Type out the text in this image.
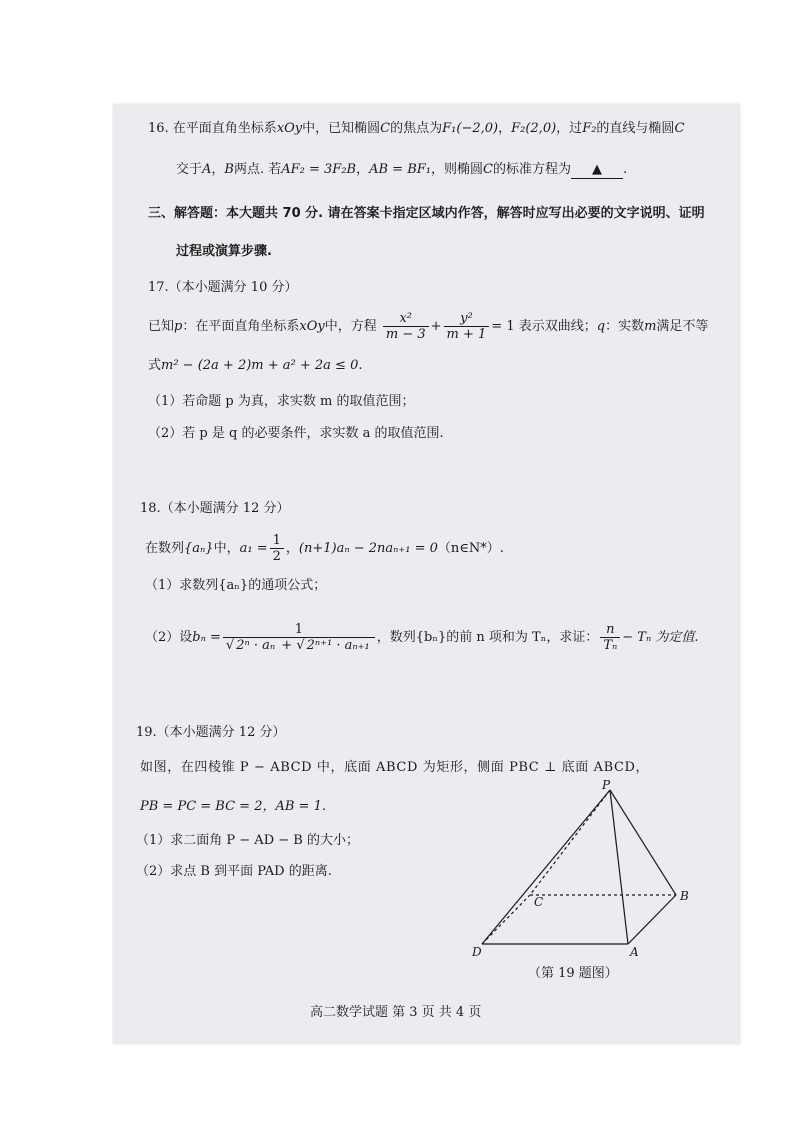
16. 在平面直角坐标系xOy中，已知椭圆C的焦点为F₁(−2,0)，F₂(2,0)，过F₂的直线与椭圆C
交于A，B两点. 若AF₂ = 3F₂B，AB = BF₁，则椭圆C的标准方程为 ▲ .
三、解答题：本大题共 70 分. 请在答案卡指定区域内作答，解答时应写出必要的文字说明、证明
过程或演算步骤.
17.（本小题满分 10 分）
已知p：在平面直角坐标系xOy中，方程 $\frac{\text{x²}}{m - 3} + \frac{\text{y²}}{m + 1} = 1$ 表示双曲线；q：实数m满足不等
式m² − (2a + 2)m + a² + 2a ≤ 0.
（1）若命题 p 为真，求实数 m 的取值范围；
（2）若 p 是 q 的必要条件，求实数 a 的取值范围.
18.（本小题满分 12 分）
在数列{aₙ}中，$a_1 = \frac{1}{2}$ ，(n+1)aₙ − 2naₙ₊₁ = 0（n∈N*）.
（1）求数列{aₙ}的通项公式；
（2）设$b_n = \frac{1}{\text{√ 2ⁿ · aₙ + √ 2ⁿ⁺¹ · aₙ₊₁}}$ ，数列{bₙ}的前 n 项和为 Tₙ，求证： $\frac{n}{\text{Tₙ}} - T_n$ 为定值.
19.（本小题满分 12 分）
如图，在四棱锥 P − ABCD 中，底面 ABCD 为矩形，侧面 PBC ⊥ 底面 ABCD，
PB = PC = BC = 2，AB = 1.
（1）求二面角 P − AD − B 的大小；
（2）求点 B 到平面 PAD 的距离.
P
C	B
D	A
（第 19 题图）
高二数学试题 第 3 页 共 4 页
